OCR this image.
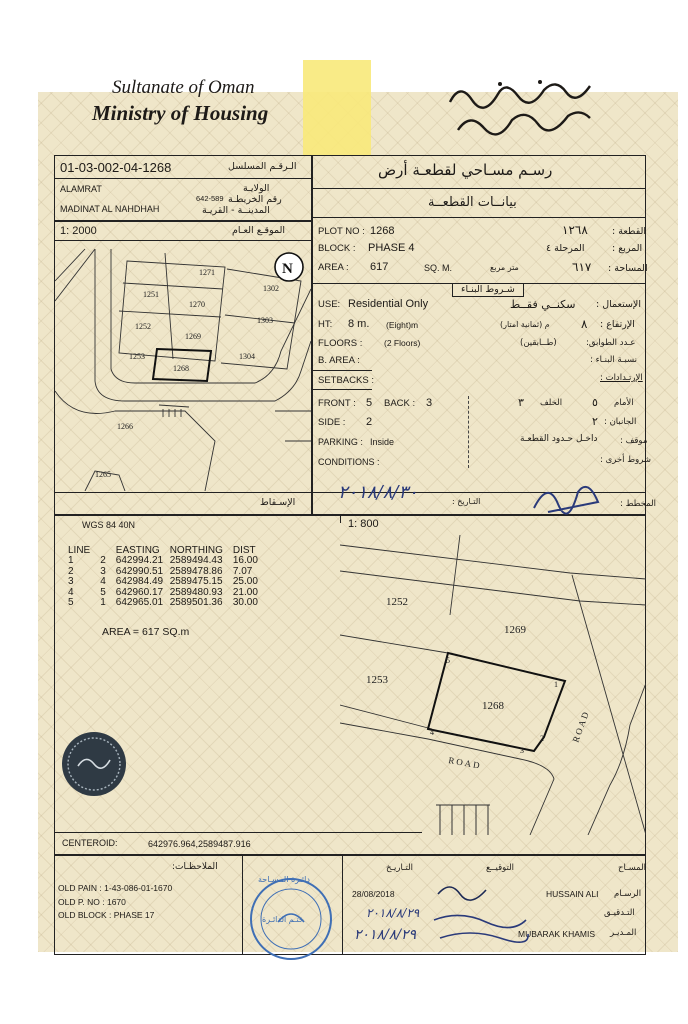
Sultanate of Oman
Ministry of Housing
01-03-002-04-1268	الـرقـم المسلسل
ALAMRAT	الولايـة
642-589 رقم الخريطـة
MADINAT AL NAHDHAH	المدينــة - القريـة
1: 2000	الموقـع العـام
الإسـقاط
1271
1251
1270
1302
1303
1252
1269
1253
1268
1304
1266
1265
N
رسـم مسـاحي لقطعـة أرض
بيانــات القطعــة
PLOT NO : 1268	١٢٦٨	القطعة :
BLOCK : PHASE 4	المرحلة ٤	المربع :
AREA : 617	SQ. M.	متر مربع	٦١٧ المساحة :
شـروط البنـاء
USE: Residential Only	سكنــي فقــط الإستعمال :
HT: 8 m. (Eight)m	م (ثمانية امتار)	٨ الإرتفاع :
FLOORS :	(2 Floors)	(طــابقين)	عـدد الطوابق:
B. AREA :	نسبـة البنـاء :
SETBACKS :	الإرتـدادات :
FRONT : 5 BACK : 3	٣ الخلف	٥ الأمام
SIDE : 2	٢ الجانبان :
PARKING : Inside	داخـل حـدود القطعـة	موقف :
CONDITIONS :	شروط أخرى :
٢٠١٨/٨/٣٠	التـاريخ :	المخطط :
WGS 84 40N	1: 800
LINE		EASTING	NORTHING	DIST
1	2	642994.21	2589494.43	16.00
2	3	642990.51	2589478.86	7.07
3	4	642984.49	2589475.15	25.00
4	5	642960.17	2589480.93	21.00
5	1	642965.01	2589501.36	30.00
AREA = 617 SQ.m
1252
1269
1253
1268
1
2
3
4
5
ROAD
ROAD
CENTEROID:	642976.964,2589487.916
الملاحظـات:
OLD PAIN : 1-43-086-01-1670
OLD P. NO : 1670
OLD BLOCK : PHASE 17
دائـرة المسـاحة
ختـم الدائـرة
التـاريـخ	التوقيــع	المسـاح
28/08/2018	HUSSAIN ALI الرسـام
التـدقيـق
MUBARAK KHAMIS المـديـر
٢٠١٨/٨/٢٩
٢٠١٨/٨/٢٩
